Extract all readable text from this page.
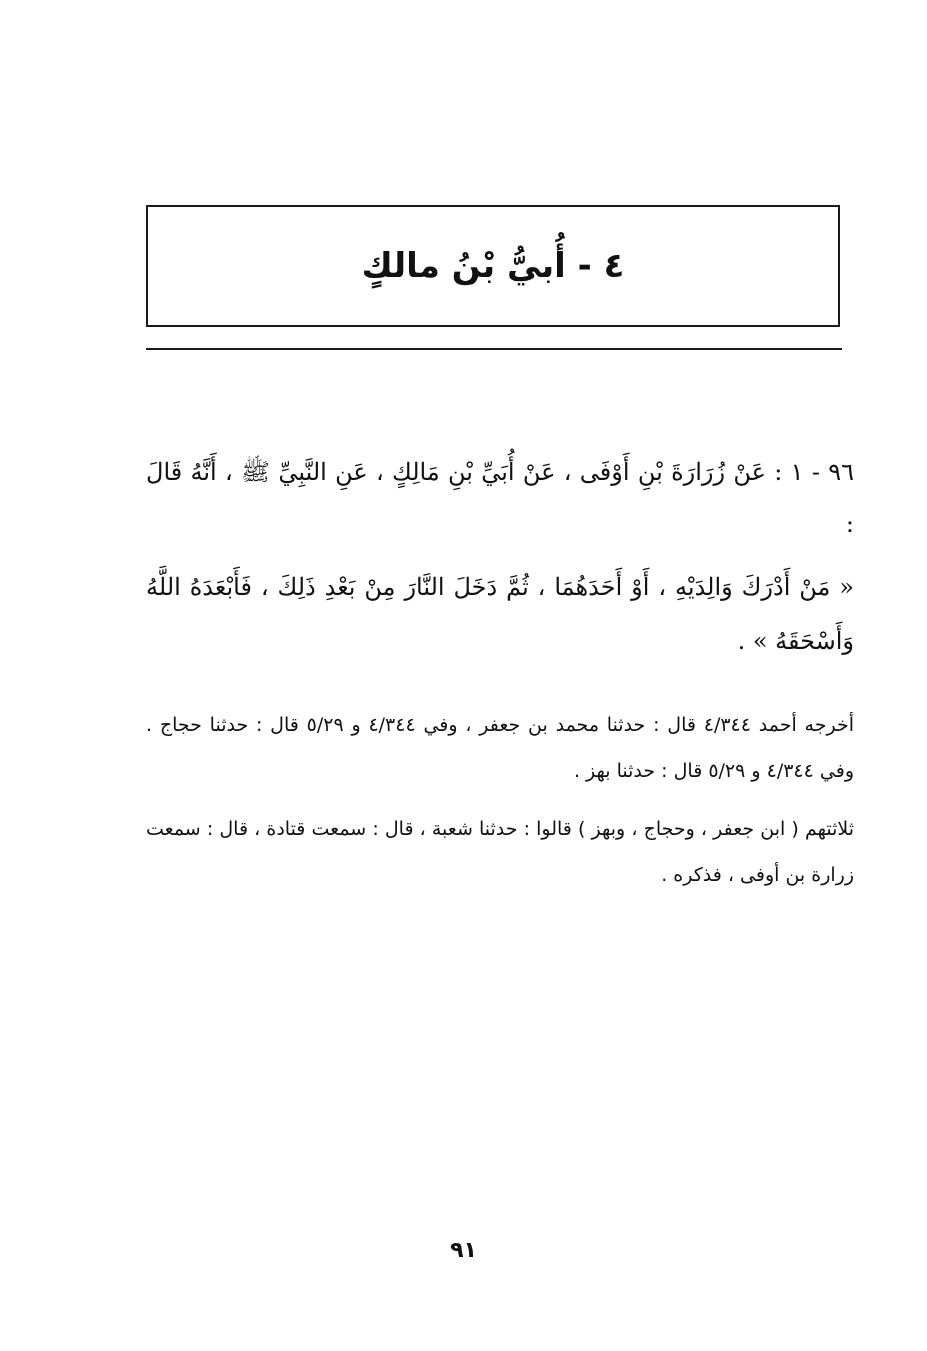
٤ - أُبيُّ بْنُ مالكٍ

٩٦ - ١ : عَنْ زُرَارَةَ بْنِ أَوْفَى ، عَنْ أُبَيِّ بْنِ مَالِكٍ ، عَنِ النَّبِيِّ ﷺ ، أَنَّهُ قَالَ :

« مَنْ أَدْرَكَ وَالِدَيْهِ ، أَوْ أَحَدَهُمَا ، ثُمَّ دَخَلَ النَّارَ مِنْ بَعْدِ ذَلِكَ ، فَأَبْعَدَهُ اللَّهُ وَأَسْحَقَهُ » .

أخرجه أحمد ٤/٣٤٤ قال : حدثنا محمد بن جعفر ، وفي ٤/٣٤٤ و ٥/٢٩ قال : حدثنا حجاج . وفي ٤/٣٤٤ و ٥/٢٩ قال : حدثنا بهز .

ثلاثتهم ( ابن جعفر ، وحجاج ، وبهز ) قالوا : حدثنا شعبة ، قال : سمعت قتادة ، قال : سمعت زرارة بن أوفى ، فذكره .

٩١
